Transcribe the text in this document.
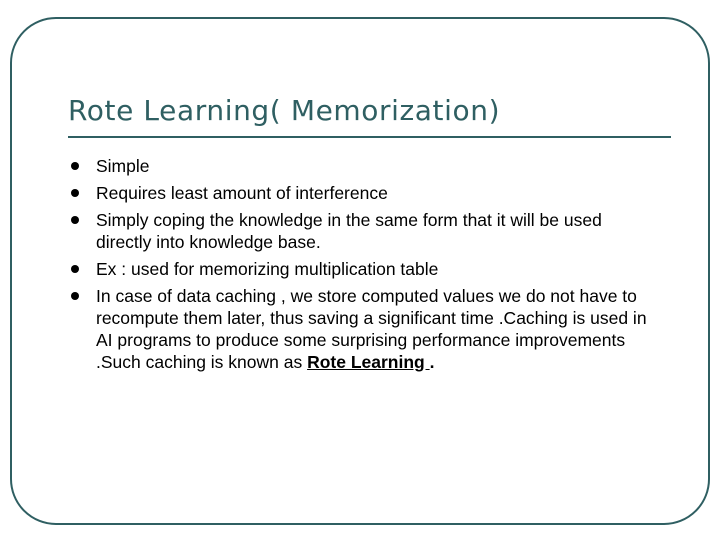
Rote Learning( Memorization)
Simple
Requires least amount of interference
Simply coping the knowledge in the same form that it will be used directly into knowledge base.
Ex : used for memorizing multiplication table
In case of data caching , we store computed values we do not have to recompute them later, thus saving a significant time .Caching is used in AI programs to produce some surprising performance improvements .Such caching is known as Rote Learning .
